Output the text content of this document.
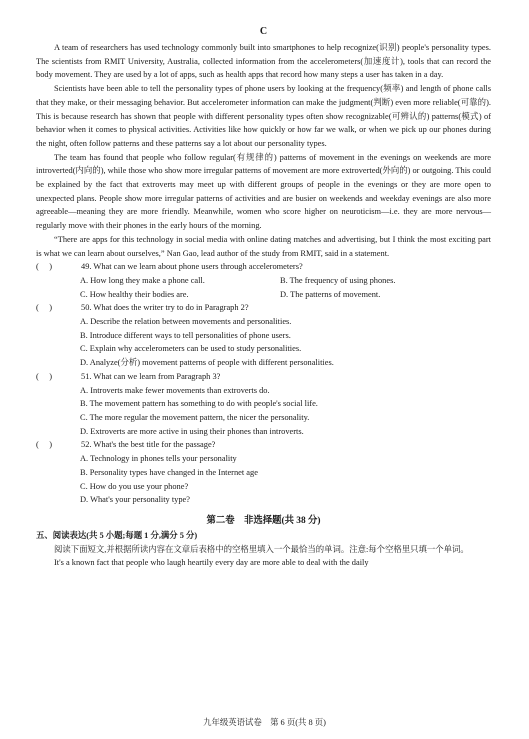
C

A team of researchers has used technology commonly built into smartphones to help recognize(识别) people's personality types. The scientists from RMIT University, Australia, collected information from the accelerometers(加速度计), tools that can record the body movement. They are used by a lot of apps, such as health apps that record how many steps a user has taken in a day.

Scientists have been able to tell the personality types of phone users by looking at the frequency(频率) and length of phone calls that they make, or their messaging behavior. But accelerometer information can make the judgment(判断) even more reliable(可靠的). This is because research has shown that people with different personality types often show recognizable(可辨认的) patterns(模式) of behavior when it comes to physical activities. Activities like how quickly or how far we walk, or when we pick up our phones during the night, often follow patterns and these patterns say a lot about our personality types.

The team has found that people who follow regular(有规律的) patterns of movement in the evenings on weekends are more introverted(内向的), while those who show more irregular patterns of movement are more extroverted(外向的) or outgoing. This could be explained by the fact that extroverts may meet up with different groups of people in the evenings or they are more open to unexpected plans. People show more irregular patterns of activities and are busier on weekends and weekday evenings are also more agreeable—meaning they are more friendly. Meanwhile, women who score higher on neuroticism—i.e. they are more nervous—regularly move with their phones in the early hours of the morning.

“There are apps for this technology in social media with online dating matches and advertising, but I think the most exciting part is what we can learn about ourselves,” Nan Gao, lead author of the study from RMIT, said in a statement.

(     )	49. What can we learn about phone users through accelerometers?

A. How long they make a phone call.	B. The frequency of using phones.
C. How healthy their bodies are.	D. The patterns of movement.

(     )	50. What does the writer try to do in Paragraph 2?

A. Describe the relation between movements and personalities.
B. Introduce different ways to tell personalities of phone users.
C. Explain why accelerometers can be used to study personalities.
D. Analyze(分析) movement patterns of people with different personalities.

(     )	51. What can we learn from Paragraph 3?

A. Introverts make fewer movements than extroverts do.
B. The movement pattern has something to do with people's social life.
C. The more regular the movement pattern, the nicer the personality.
D. Extroverts are more active in using their phones than introverts.

(     )	52. What's the best title for the passage?

A. Technology in phones tells your personality
B. Personality types have changed in the Internet age
C. How do you use your phone?
D. What's your personality type?
第二卷　非选择题(共 38 分)

五、阅读表达(共 5 小题;每题 1 分,满分 5 分)

阅读下面短文,并根据所读内容在文章后表格中的空格里填入一个最恰当的单词。注意:每个空格里只填一个单词。

It's a known fact that people who laugh heartily every day are more able to deal with the daily

九年级英语试卷　第 6 页(共 8 页)
